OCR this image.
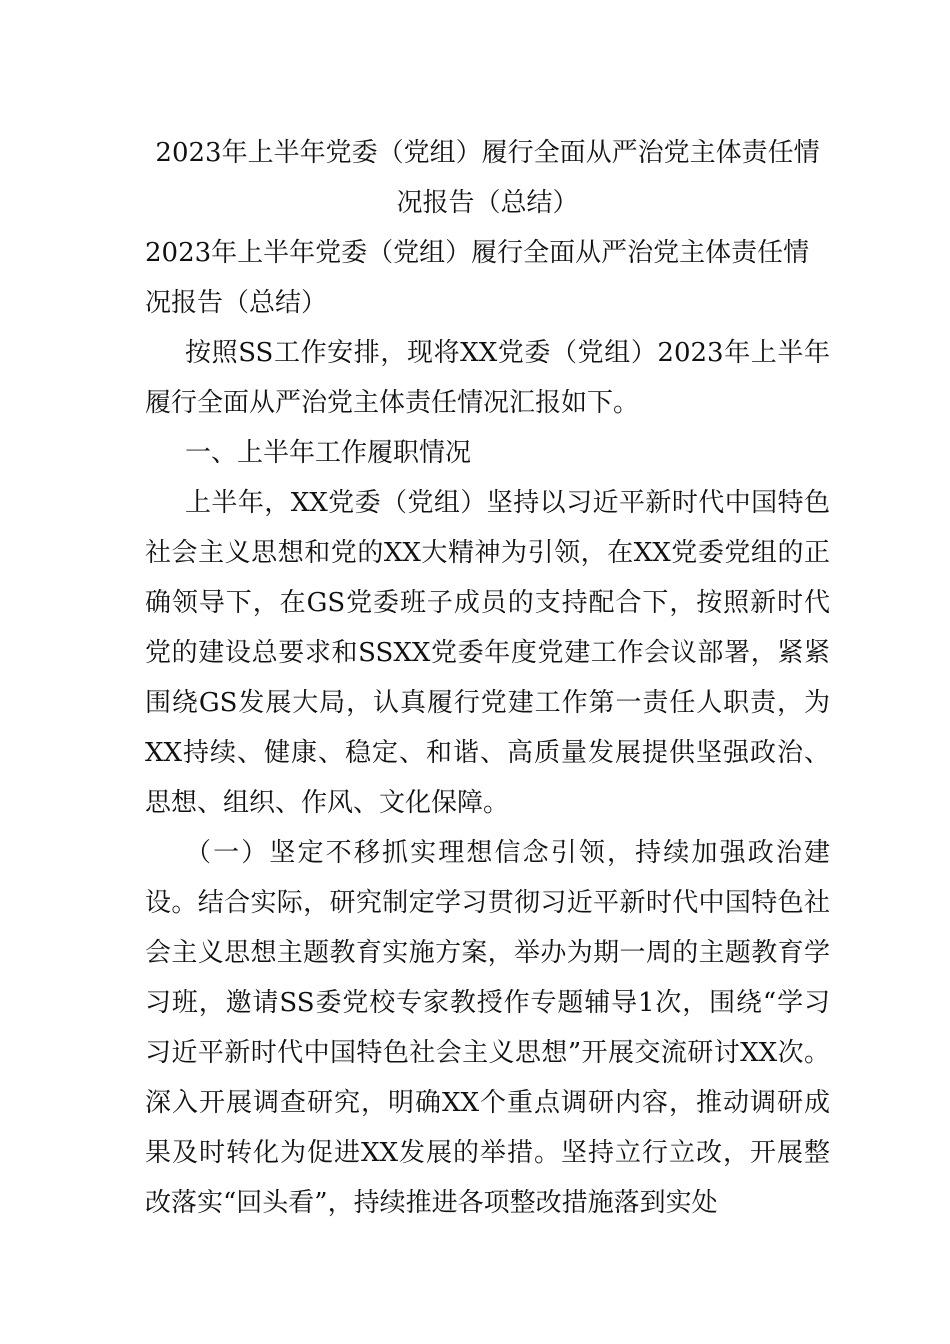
2023年上半年党委（党组）履行全面从严治党主体责任情况报告（总结）

2023年上半年党委（党组）履行全面从严治党主体责任情况报告（总结）

按照SS工作安排，现将XX党委（党组）2023年上半年履行全面从严治党主体责任情况汇报如下。

一、上半年工作履职情况

上半年，XX党委（党组）坚持以习近平新时代中国特色社会主义思想和党的XX大精神为引领，在XX党委党组的正确领导下，在GS党委班子成员的支持配合下，按照新时代党的建设总要求和SSXX党委年度党建工作会议部署，紧紧围绕GS发展大局，认真履行党建工作第一责任人职责，为XX持续、健康、稳定、和谐、高质量发展提供坚强政治、思想、组织、作风、文化保障。

（一）坚定不移抓实理想信念引领，持续加强政治建设。结合实际，研究制定学习贯彻习近平新时代中国特色社会主义思想主题教育实施方案，举办为期一周的主题教育学习班，邀请SS委党校专家教授作专题辅导1次，围绕“学习习近平新时代中国特色社会主义思想”开展交流研讨XX次。深入开展调查研究，明确XX个重点调研内容，推动调研成果及时转化为促进XX发展的举措。坚持立行立改，开展整改落实“回头看”，持续推进各项整改措施落到实处
